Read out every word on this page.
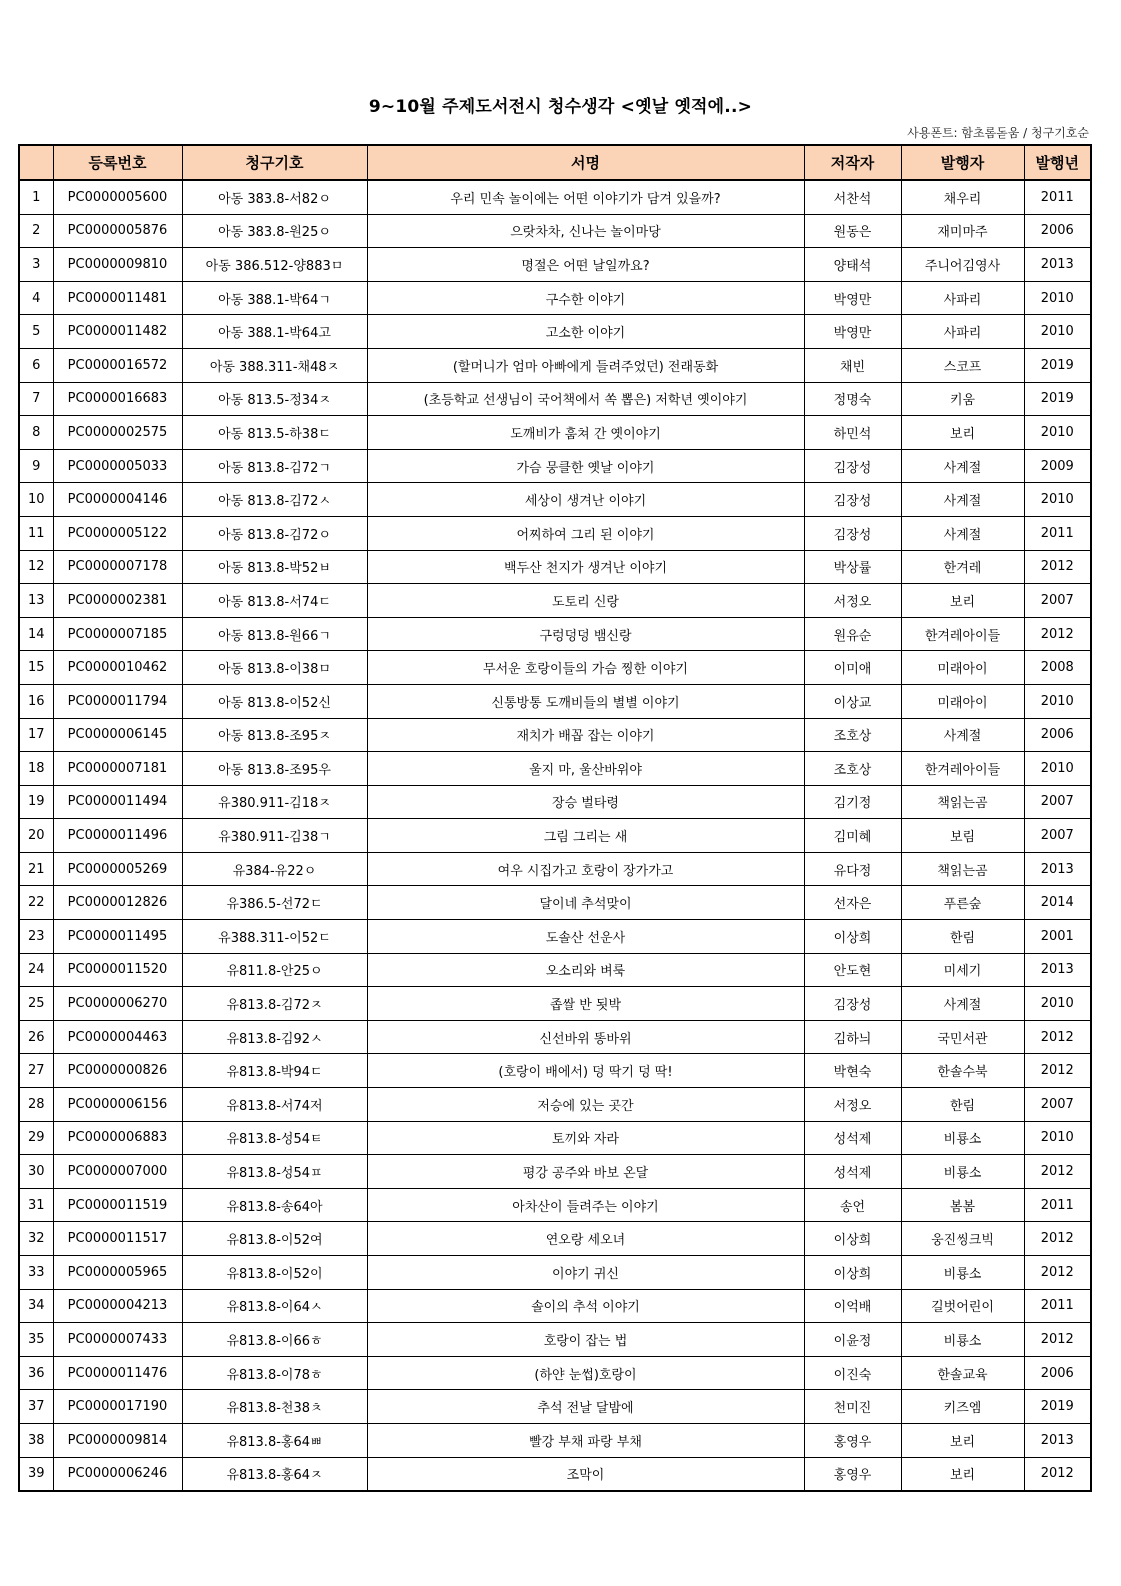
9~10월 주제도서전시 청수생각 <옛날 옛적에..>
사용폰트: 함초롬돋움 / 청구기호순
	등록번호	청구기호	서명	저작자	발행자	발행년
1	PC0000005600	아동 383.8-서82ㅇ	우리 민속 놀이에는 어떤 이야기가 담겨 있을까?	서찬석	채우리	2011
2	PC0000005876	아동 383.8-원25ㅇ	으랏차차, 신나는 놀이마당	원동은	재미마주	2006
3	PC0000009810	아동 386.512-양883ㅁ	명절은 어떤 날일까요?	양태석	주니어김영사	2013
4	PC0000011481	아동 388.1-박64ㄱ	구수한 이야기	박영만	사파리	2010
5	PC0000011482	아동 388.1-박64고	고소한 이야기	박영만	사파리	2010
6	PC0000016572	아동 388.311-채48ㅈ	(할머니가 엄마 아빠에게 들려주었던) 전래동화	채빈	스코프	2019
7	PC0000016683	아동 813.5-정34ㅈ	(초등학교 선생님이 국어책에서 쏙 뽑은) 저학년 옛이야기	정명숙	키움	2019
8	PC0000002575	아동 813.5-하38ㄷ	도깨비가 훔쳐 간 옛이야기	하민석	보리	2010
9	PC0000005033	아동 813.8-김72ㄱ	가슴 뭉클한 옛날 이야기	김장성	사계절	2009
10	PC0000004146	아동 813.8-김72ㅅ	세상이 생겨난 이야기	김장성	사계절	2010
11	PC0000005122	아동 813.8-김72ㅇ	어찌하여 그리 된 이야기	김장성	사계절	2011
12	PC0000007178	아동 813.8-박52ㅂ	백두산 천지가 생겨난 이야기	박상률	한겨레	2012
13	PC0000002381	아동 813.8-서74ㄷ	도토리 신랑	서정오	보리	2007
14	PC0000007185	아동 813.8-원66ㄱ	구렁덩덩 뱀신랑	원유순	한겨레아이들	2012
15	PC0000010462	아동 813.8-이38ㅁ	무서운 호랑이들의 가슴 찡한 이야기	이미애	미래아이	2008
16	PC0000011794	아동 813.8-이52신	신통방통 도깨비들의 별별 이야기	이상교	미래아이	2010
17	PC0000006145	아동 813.8-조95ㅈ	재치가 배꼽 잡는 이야기	조호상	사계절	2006
18	PC0000007181	아동 813.8-조95우	울지 마, 울산바위야	조호상	한겨레아이들	2010
19	PC0000011494	유380.911-김18ㅈ	장승 벌타령	김기정	책읽는곰	2007
20	PC0000011496	유380.911-김38ㄱ	그림 그리는 새	김미혜	보림	2007
21	PC0000005269	유384-유22ㅇ	여우 시집가고 호랑이 장가가고	유다정	책읽는곰	2013
22	PC0000012826	유386.5-선72ㄷ	달이네 추석맞이	선자은	푸른숲	2014
23	PC0000011495	유388.311-이52ㄷ	도솔산 선운사	이상희	한림	2001
24	PC0000011520	유811.8-안25ㅇ	오소리와 벼룩	안도현	미세기	2013
25	PC0000006270	유813.8-김72ㅈ	좁쌀 반 됫박	김장성	사계절	2010
26	PC0000004463	유813.8-김92ㅅ	신선바위 똥바위	김하늬	국민서관	2012
27	PC0000000826	유813.8-박94ㄷ	(호랑이 배에서) 덩 딱기 덩 딱!	박현숙	한솔수북	2012
28	PC0000006156	유813.8-서74저	저승에 있는 곳간	서정오	한림	2007
29	PC0000006883	유813.8-성54ㅌ	토끼와 자라	성석제	비룡소	2010
30	PC0000007000	유813.8-성54ㅍ	평강 공주와 바보 온달	성석제	비룡소	2012
31	PC0000011519	유813.8-송64아	아차산이 들려주는 이야기	송언	봄봄	2011
32	PC0000011517	유813.8-이52여	연오랑 세오녀	이상희	웅진씽크빅	2012
33	PC0000005965	유813.8-이52이	이야기 귀신	이상희	비룡소	2012
34	PC0000004213	유813.8-이64ㅅ	솔이의 추석 이야기	이억배	길벗어린이	2011
35	PC0000007433	유813.8-이66ㅎ	호랑이 잡는 법	이윤정	비룡소	2012
36	PC0000011476	유813.8-이78ㅎ	(하얀 눈썹)호랑이	이진숙	한솔교육	2006
37	PC0000017190	유813.8-천38ㅊ	추석 전날 달밤에	천미진	키즈엠	2019
38	PC0000009814	유813.8-홍64ㅃ	빨강 부채 파랑 부채	홍영우	보리	2013
39	PC0000006246	유813.8-홍64ㅈ	조막이	홍영우	보리	2012
